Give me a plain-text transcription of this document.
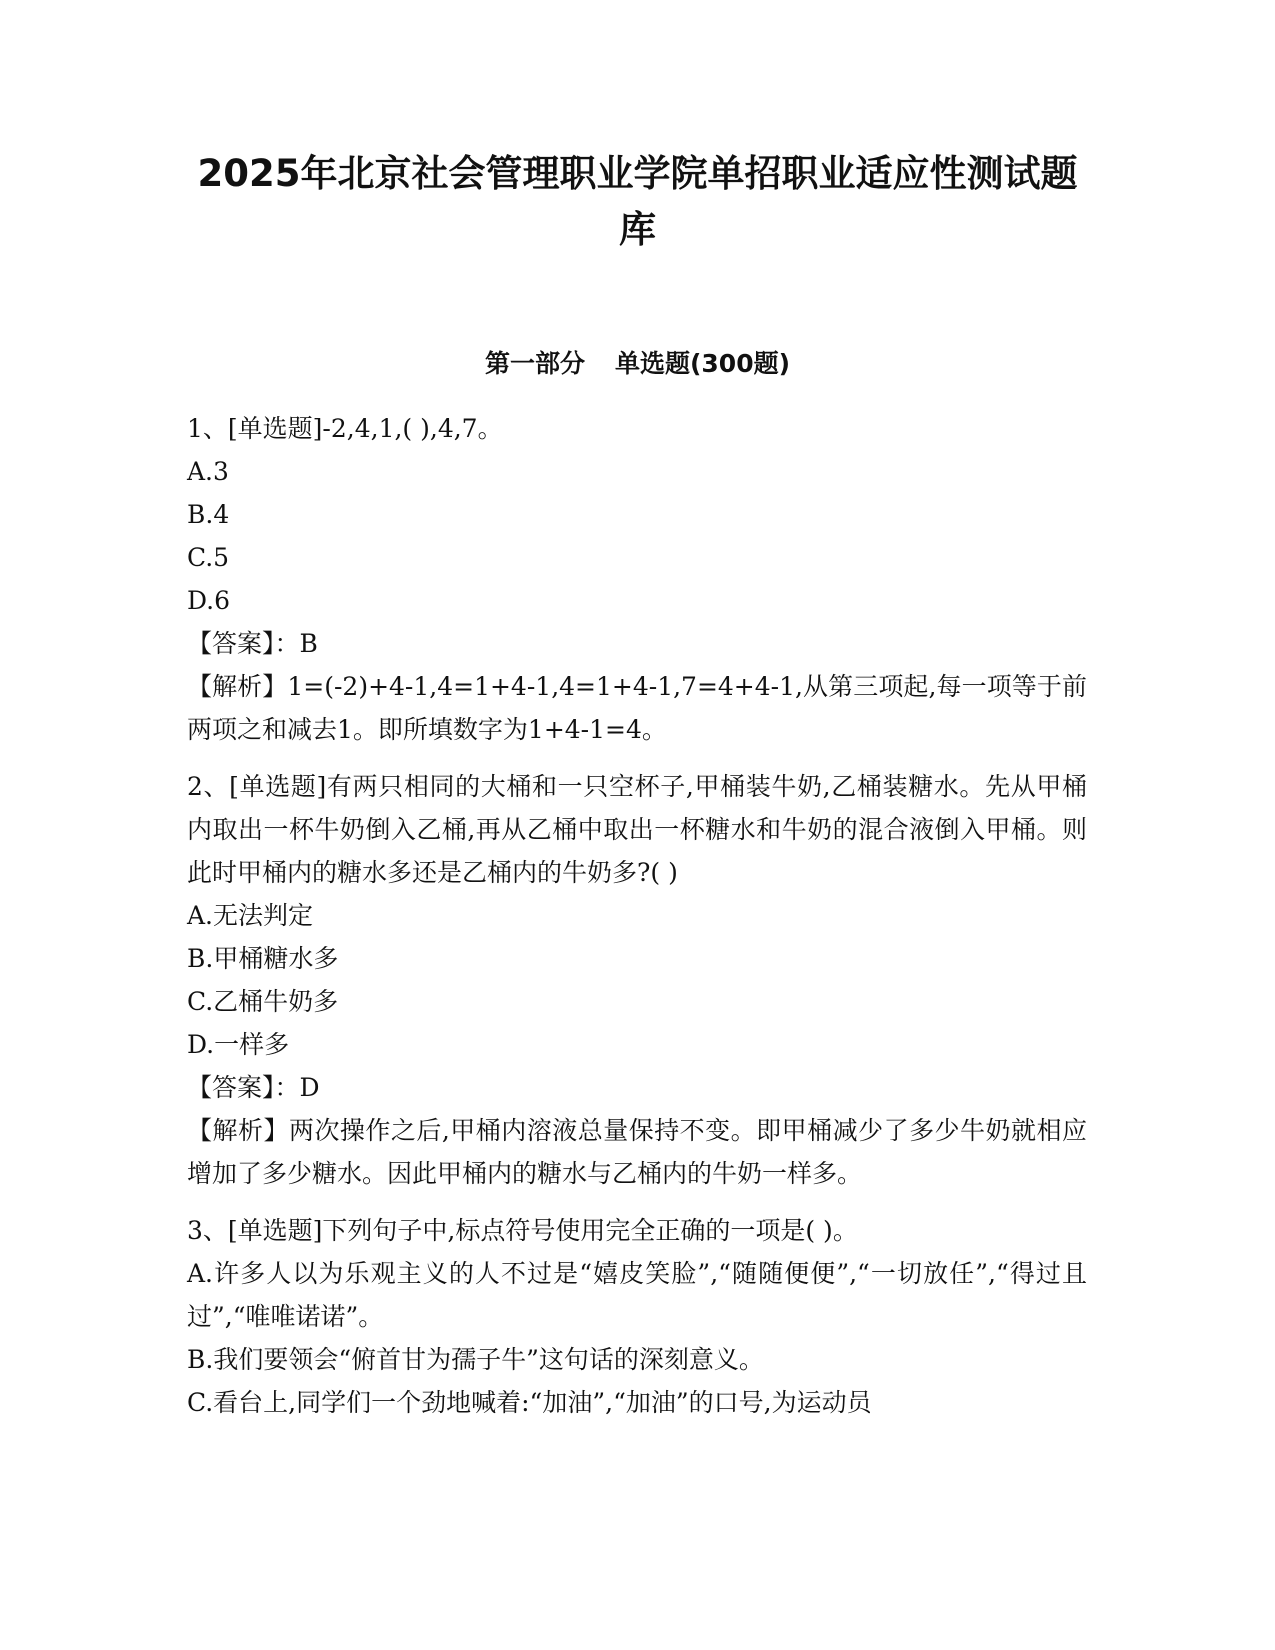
2025年北京社会管理职业学院单招职业适应性测试题库
第一部分 单选题(300题)
1、[单选题]-2,4,1,( ),4,7。
A.3
B.4
C.5
D.6
【答案】：B
【解析】1=(-2)+4-1,4=1+4-1,4=1+4-1,7=4+4-1,从第三项起,每一项等于前两项之和减去1。即所填数字为1+4-1=4。
2、[单选题]有两只相同的大桶和一只空杯子,甲桶装牛奶,乙桶装糖水。先从甲桶内取出一杯牛奶倒入乙桶,再从乙桶中取出一杯糖水和牛奶的混合液倒入甲桶。则此时甲桶内的糖水多还是乙桶内的牛奶多?( )
A.无法判定
B.甲桶糖水多
C.乙桶牛奶多
D.一样多
【答案】：D
【解析】两次操作之后,甲桶内溶液总量保持不变。即甲桶减少了多少牛奶就相应增加了多少糖水。因此甲桶内的糖水与乙桶内的牛奶一样多。
3、[单选题]下列句子中,标点符号使用完全正确的一项是( )。
A.许多人以为乐观主义的人不过是“嬉皮笑脸”,“随随便便”,“一切放任”,“得过且过”,“唯唯诺诺”。
B.我们要领会“俯首甘为孺子牛”这句话的深刻意义。
C.看台上,同学们一个劲地喊着:“加油”,“加油”的口号,为运动员
